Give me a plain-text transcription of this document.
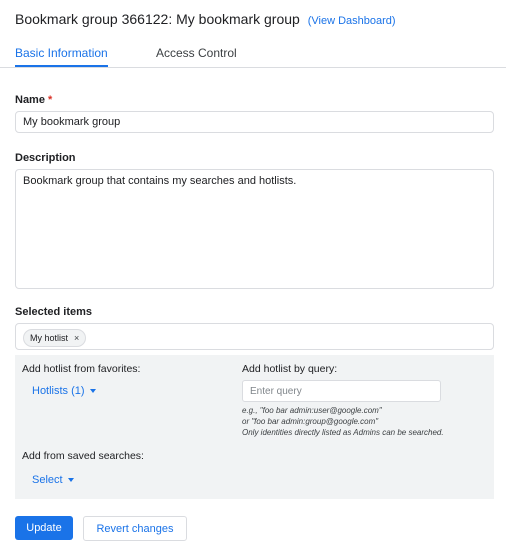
Bookmark group 366122: My bookmark group (View Dashboard)
Basic Information	Access Control
Name *
My bookmark group
Description
Bookmark group that contains my searches and hotlists.
Selected items
My hotlist ×
Add hotlist from favorites:
Hotlists (1)
Add hotlist by query:
Enter query
e.g., "foo bar admin:user@google.com"
or "foo bar admin:group@google.com"
Only identities directly listed as Admins can be searched.
Add from saved searches:
Select
Update	Revert changes
